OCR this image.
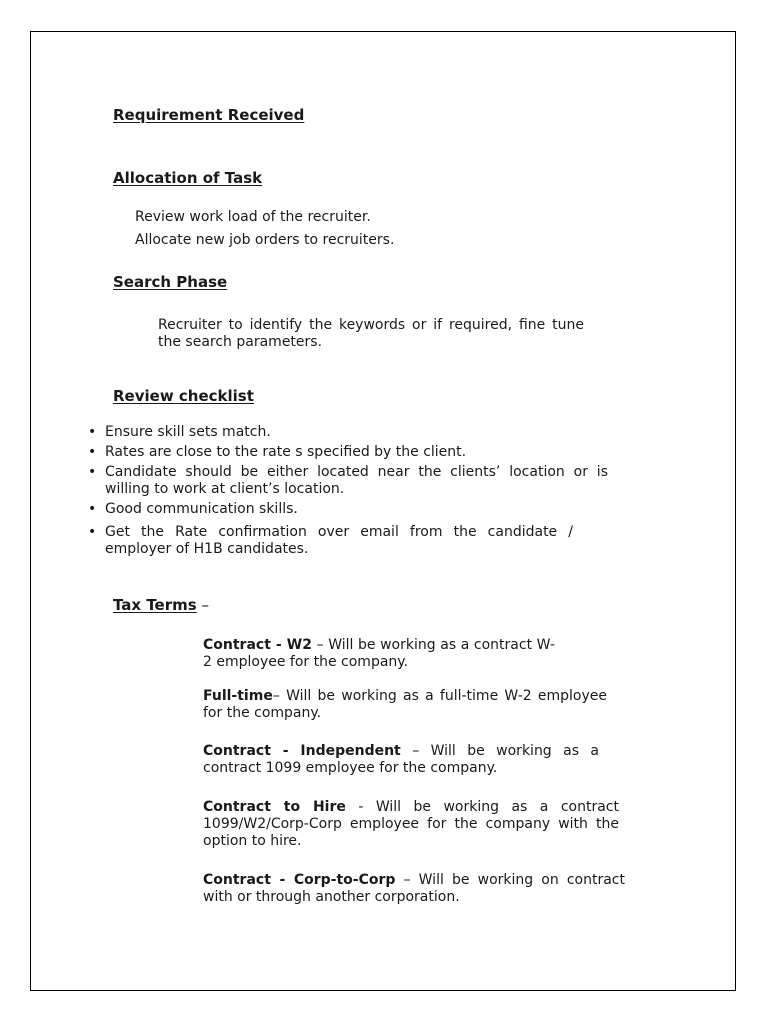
Requirement Received
Allocation of Task
Review work load of the recruiter.
Allocate new job orders to recruiters.
Search Phase
Recruiter to identify the keywords or if required, fine tune the search parameters.
Review checklist
• Ensure skill sets match.
• Rates are close to the rate s specified by the client.
• Candidate should be either located near the clients’ location or is willing to work at client’s location.
• Good communication skills.
• Get the Rate confirmation over email from the candidate / employer of H1B candidates.
Tax Terms –
Contract - W2 – Will be working as a contract W-2 employee for the company.
Full-time– Will be working as a full-time W-2 employee for the company.
Contract - Independent – Will be working as a contract 1099 employee for the company.
Contract to Hire - Will be working as a contract 1099/W2/Corp-Corp employee for the company with the option to hire.
Contract - Corp-to-Corp – Will be working on contract with or through another corporation.
